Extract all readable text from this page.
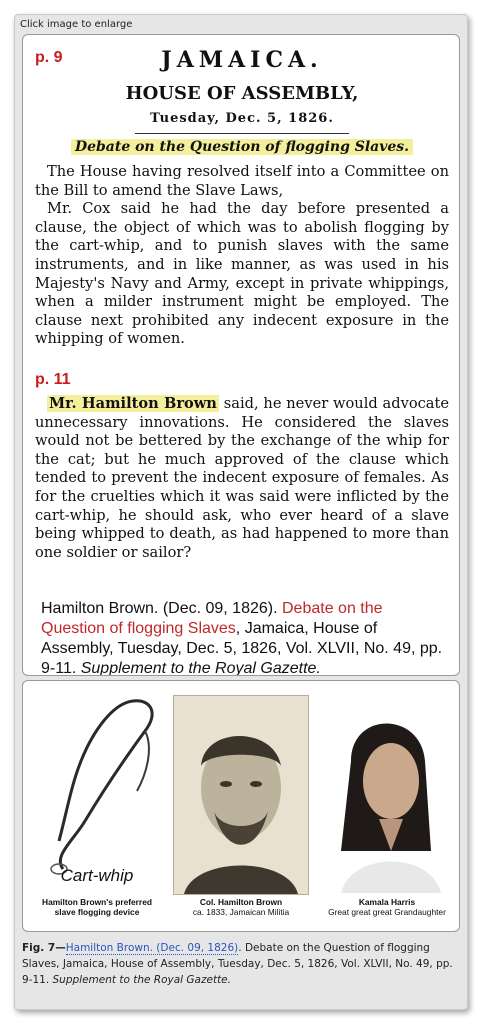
Click image to enlarge
p. 9	JAMAICA.
HOUSE OF ASSEMBLY,
Tuesday, Dec. 5, 1826.
Debate on the Question of flogging Slaves.

The House having resolved itself into a Committee on the Bill to amend the Slave Laws,

Mr. Cox said he had the day before presented a clause, the object of which was to abolish flogging by the cart-whip, and to punish slaves with the same instruments, and in like manner, as was used in his Majesty's Navy and Army, except in private whippings, when a milder instrument might be employed. The clause next prohibited any indecent exposure in the whipping of women.

p. 11

Mr. Hamilton Brown said, he never would advocate unnecessary innovations. He considered the slaves would not be bettered by the exchange of the whip for the cat; but he much approved of the clause which tended to prevent the indecent exposure of females. As for the cruelties which it was said were inflicted by the cart-whip, he should ask, who ever heard of a slave being whipped to death, as had happened to more than one soldier or sailor?

Hamilton Brown. (Dec. 09, 1826). Debate on the Question of flogging Slaves, Jamaica, House of Assembly, Tuesday, Dec. 5, 1826, Vol. XLVII, No. 49, pp. 9-11. Supplement to the Royal Gazette.
Cart-whip
Hamilton Brown's preferred
slave flogging device
Col. Hamilton Brown
ca. 1833, Jamaican Militia
Kamala Harris
Great great great Grandaughter
Fig. 7—Hamilton Brown. (Dec. 09, 1826). Debate on the Question of flogging Slaves, Jamaica, House of Assembly, Tuesday, Dec. 5, 1826, Vol. XLVII, No. 49, pp. 9-11. Supplement to the Royal Gazette.
